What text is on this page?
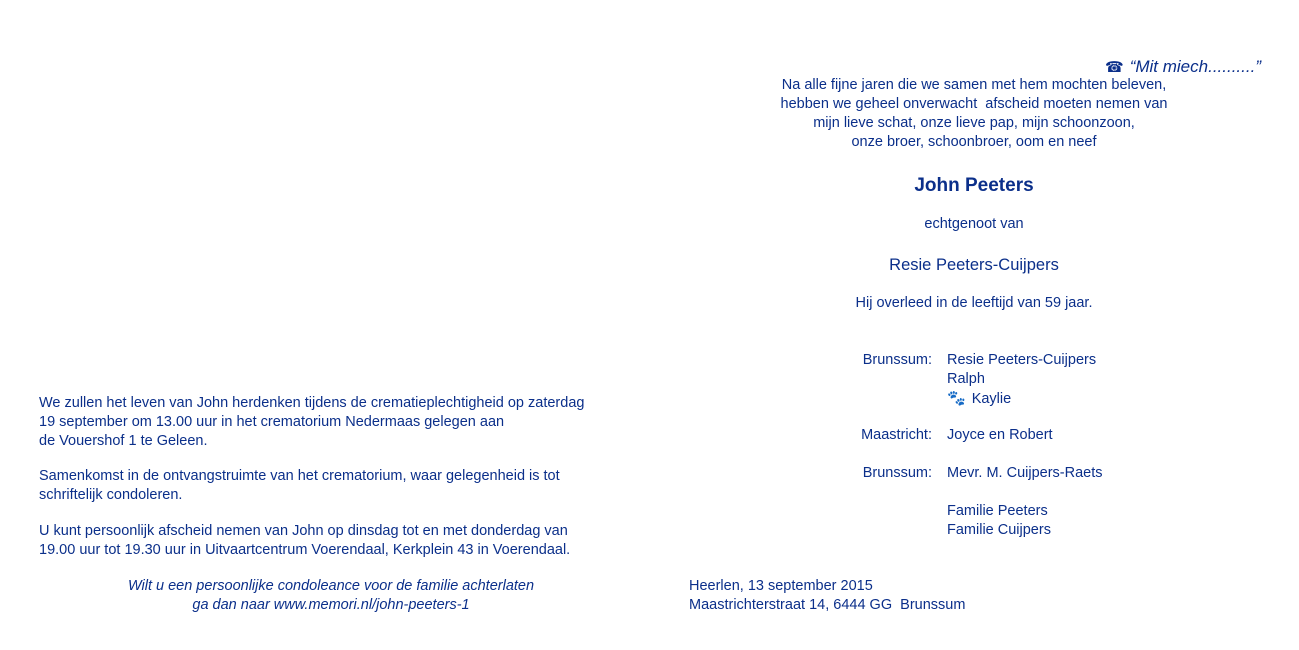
☎ “Mit miech..........”

Na alle fijne jaren die we samen met hem mochten beleven,
hebben we geheel onverwacht  afscheid moeten nemen van
mijn lieve schat, onze lieve pap, mijn schoonzoon,
onze broer, schoonbroer, oom en neef
John Peeters
echtgenoot van
Resie Peeters-Cuijpers
Hij overleed in de leeftijd van 59 jaar.
Brunssum: Resie Peeters-Cuijpers
Ralph
🐾 Kaylie
Maastricht: Joyce en Robert
Brunssum: Mevr. M. Cuijpers-Raets
Familie Peeters
Familie Cuijpers
We zullen het leven van John herdenken tijdens de crematieplechtigheid op zaterdag
19 september om 13.00 uur in het crematorium Nedermaas gelegen aan
de Vouershof 1 te Geleen.
Samenkomst in de ontvangstruimte van het crematorium, waar gelegenheid is tot
schriftelijk condoleren.
U kunt persoonlijk afscheid nemen van John op dinsdag tot en met donderdag van
19.00 uur tot 19.30 uur in Uitvaartcentrum Voerendaal, Kerkplein 43 in Voerendaal.
Wilt u een persoonlijke condoleance voor de familie achterlaten
ga dan naar www.memori.nl/john-peeters-1
Heerlen, 13 september 2015
Maastrichterstraat 14, 6444 GG  Brunssum
